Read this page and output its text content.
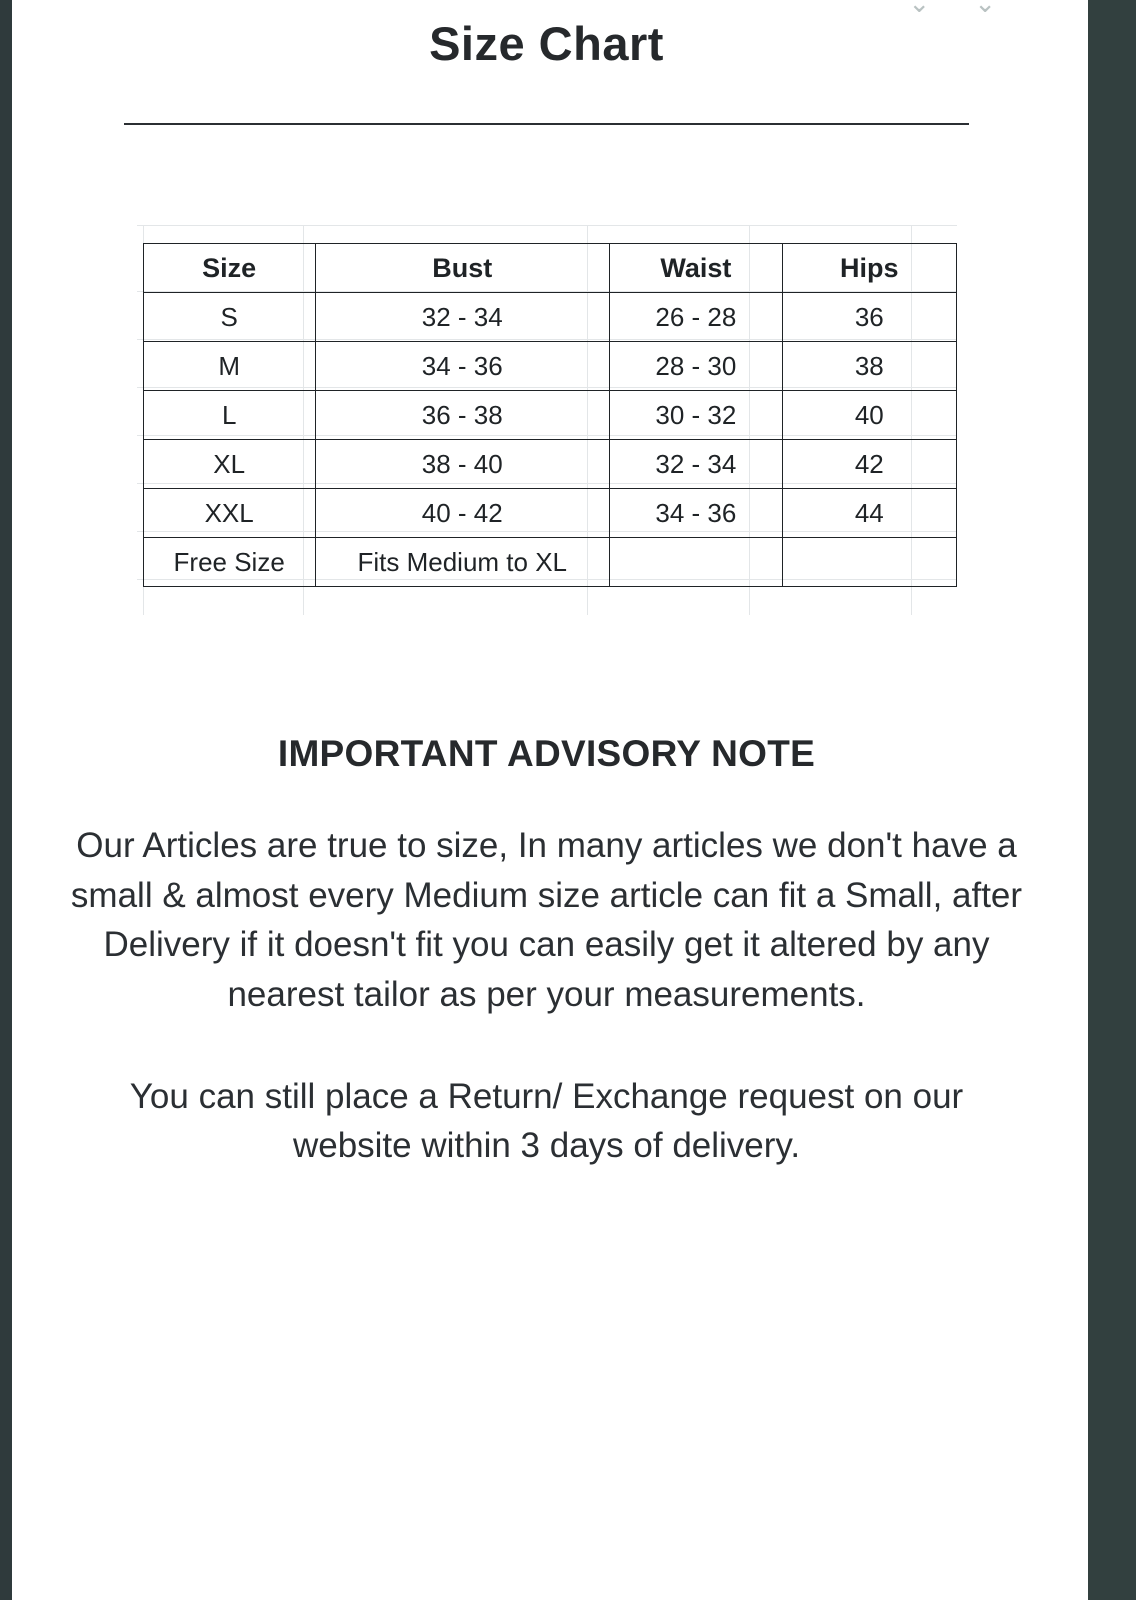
⌄ ⌄
Size Chart
Size	Bust	Waist	Hips
S	32 - 34	26 - 28	36
M	34 - 36	28 - 30	38
L	36 - 38	30 - 32	40
XL	38 - 40	32 - 34	42
XXL	40 - 42	34 - 36	44
Free Size	Fits Medium to XL		
IMPORTANT ADVISORY NOTE

Our Articles are true to size, In many articles we don't have a small & almost every Medium size article can fit a Small, after Delivery if it doesn't fit you can easily get it altered by any nearest tailor as per your measurements.

You can still place a Return/ Exchange request on our website within 3 days of delivery.
